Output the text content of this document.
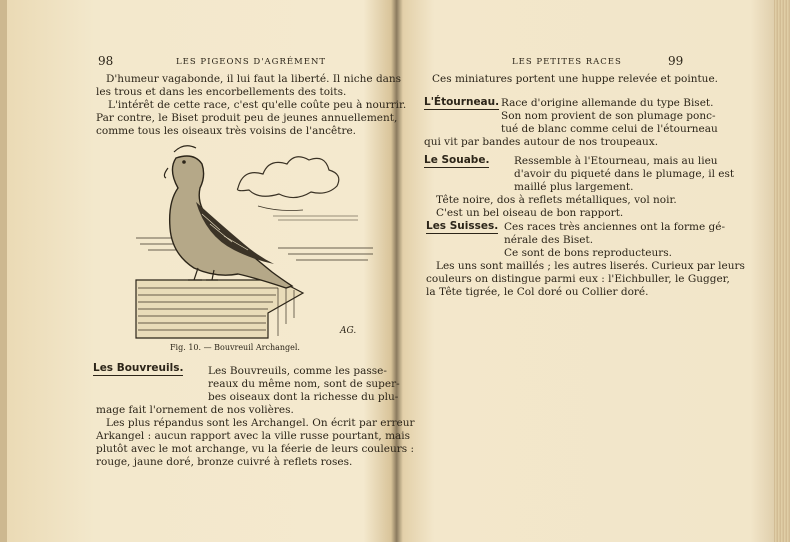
98	LES PIGEONS D'AGRÉMENT
D'humeur vagabonde, il lui faut la liberté. Il niche dans
les trous et dans les encorbellements des toits.
L'intérêt de cette race, c'est qu'elle coûte peu à nourrir.
Par contre, le Biset produit peu de jeunes annuellement,
comme tous les oiseaux très voisins de l'ancêtre.
AG.
Fig. 10. — Bouvreuil Archangel.
Les Bouvreuils. Les Bouvreuils, comme les passe-
reaux du même nom, sont de super-
bes oiseaux dont la richesse du plu-
mage fait l'ornement de nos volières.
Les plus répandus sont les Archangel. On écrit par erreur
Arkangel : aucun rapport avec la ville russe pourtant, mais
plutôt avec le mot archange, vu la féerie de leurs couleurs :
rouge, jaune doré, bronze cuivré à reflets roses.
LES PETITES RACES	99
Ces miniatures portent une huppe relevée et pointue.
L'Étourneau. Race d'origine allemande du type Biset.
Son nom provient de son plumage ponc-
tué de blanc comme celui de l'étourneau
qui vit par bandes autour de nos troupeaux.
Le Souabe. Ressemble à l'Etourneau, mais au lieu
d'avoir du piqueté dans le plumage, il est
maillé plus largement.
Tête noire, dos à reflets métalliques, vol noir.
C'est un bel oiseau de bon rapport.
Les Suisses. Ces races très anciennes ont la forme gé-
nérale des Biset.
Ce sont de bons reproducteurs.
Les uns sont maillés ; les autres liserés. Curieux par leurs
couleurs on distingue parmi eux : l'Eichbuller, le Gugger,
la Tête tigrée, le Col doré ou Collier doré.
